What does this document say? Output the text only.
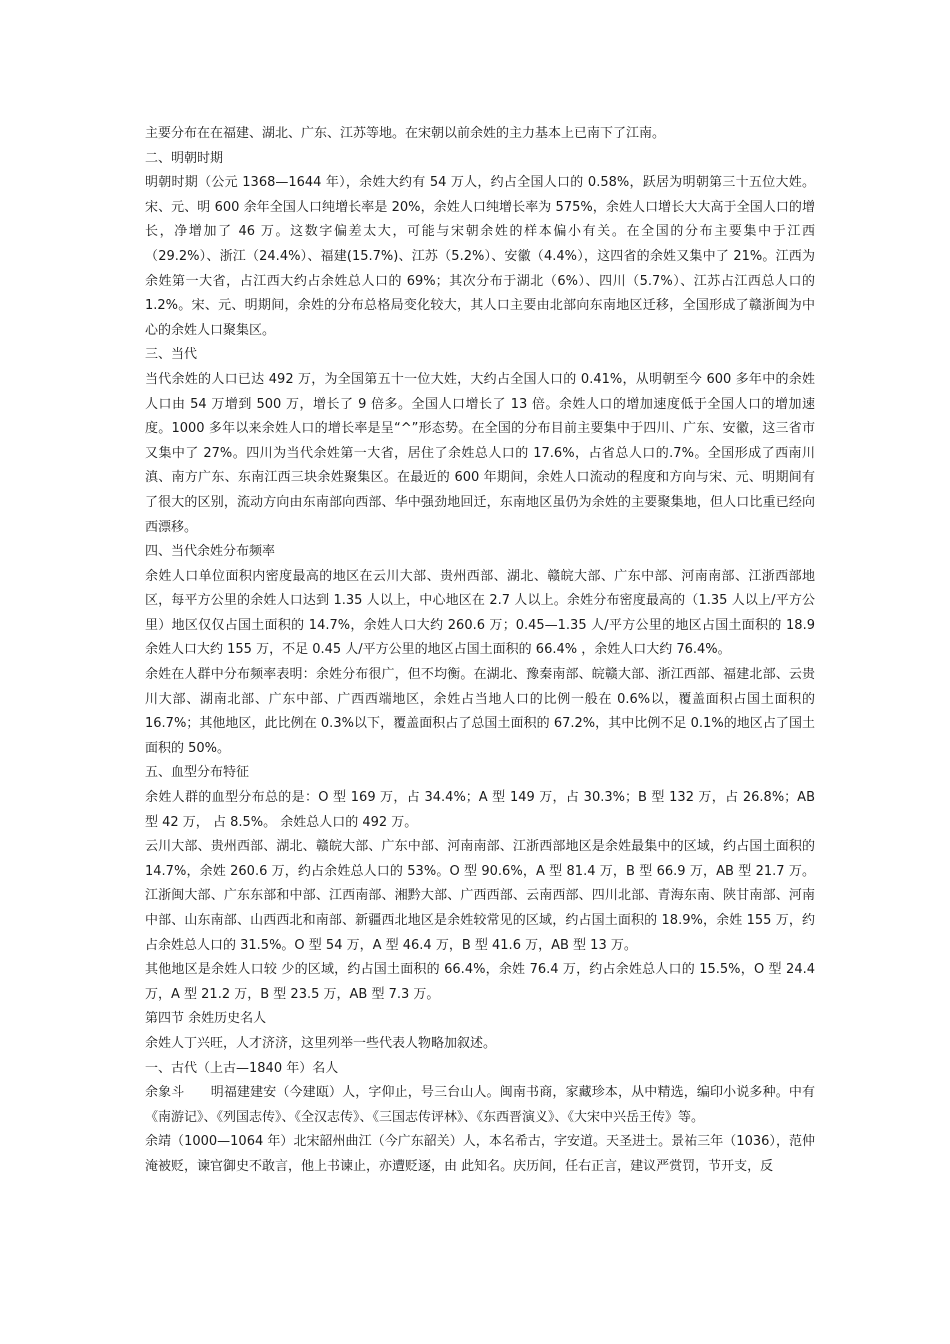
主要分布在在福建、湖北、广东、江苏等地。在宋朝以前余姓的主力基本上已南下了江南。

二、明朝时期

明朝时期（公元 1368—1644 年），余姓大约有 54 万人，约占全国人口的 0.58%，跃居为明朝第三十五位大姓。宋、元、明 600 余年全国人口纯增长率是 20%，余姓人口纯增长率为 575%，余姓人口增长大大高于全国人口的增长，净增加了 46 万。这数字偏差太大，可能与宋朝余姓的样本偏小有关。在全国的分布主要集中于江西（29.2%）、浙江（24.4%）、福建(15.7%)、江苏（5.2%）、安徽（4.4%），这四省的余姓又集中了 21%。江西为余姓第一大省，占江西大约占余姓总人口的 69%；其次分布于湖北（6%）、四川（5.7%）、江苏占江西总人口的 1.2%。宋、元、明期间，余姓的分布总格局变化较大，其人口主要由北部向东南地区迁移，全国形成了赣浙闽为中心的余姓人口聚集区。

三、当代

当代余姓的人口已达 492 万，为全国第五十一位大姓，大约占全国人口的 0.41%，从明朝至今 600 多年中的余姓人口由 54 万增到 500 万，增长了 9 倍多。全国人口增长了 13 倍。余姓人口的增加速度低于全国人口的增加速度。1000 多年以来余姓人口的增长率是呈“^”形态势。在全国的分布目前主要集中于四川、广东、安徽，这三省市又集中了 27%。四川为当代余姓第一大省，居住了余姓总人口的 17.6%，占省总人口的.7%。全国形成了西南川滇、南方广东、东南江西三块余姓聚集区。在最近的 600 年期间，余姓人口流动的程度和方向与宋、元、明期间有了很大的区别，流动方向由东南部向西部、华中强劲地回迁，东南地区虽仍为余姓的主要聚集地，但人口比重已经向西漂移。

四、当代余姓分布频率

余姓人口单位面积内密度最高的地区在云川大部、贵州西部、湖北、赣皖大部、广东中部、河南南部、江浙西部地区，每平方公里的余姓人口达到 1.35 人以上，中心地区在 2.7 人以上。余姓分布密度最高的（1.35 人以上/平方公里）地区仅仅占国土面积的 14.7%，余姓人口大约 260.6 万；0.45—1.35 人/平方公里的地区占国土面积的 18.9 余姓人口大约 155 万，不足 0.45 人/平方公里的地区占国土面积的 66.4% ，余姓人口大约 76.4%。

余姓在人群中分布频率表明：余姓分布很广，但不均衡。在湖北、豫秦南部、皖赣大部、浙江西部、福建北部、云贵川大部、湖南北部、广东中部、广西西端地区，余姓占当地人口的比例一般在 0.6%以，覆盖面积占国土面积的 16.7%；其他地区，此比例在 0.3%以下，覆盖面积占了总国土面积的 67.2%，其中比例不足 0.1%的地区占了国土面积的 50%。

五、血型分布特征

余姓人群的血型分布总的是：O 型 169 万，占 34.4%；A 型 149 万，占 30.3%；B 型 132 万，占 26.8%；AB 型 42 万， 占 8.5%。 余姓总人口的 492 万。

云川大部、贵州西部、湖北、赣皖大部、广东中部、河南南部、江浙西部地区是余姓最集中的区域，约占国土面积的 14.7%，余姓 260.6 万，约占余姓总人口的 53%。O 型 90.6%，A 型 81.4 万，B 型 66.9 万，AB 型 21.7 万。江浙闽大部、广东东部和中部、江西南部、湘黔大部、广西西部、云南西部、四川北部、青海东南、陕甘南部、河南中部、山东南部、山西西北和南部、新疆西北地区是余姓较常见的区域，约占国土面积的 18.9%，余姓 155 万，约占余姓总人口的 31.5%。O 型 54 万，A 型 46.4 万，B 型 41.6 万，AB 型 13 万。

其他地区是余姓人口较 少的区域，约占国土面积的 66.4%，余姓 76.4 万，约占余姓总人口的 15.5%，O 型 24.4 万，A 型 21.2 万，B 型 23.5 万，AB 型 7.3 万。

第四节 余姓历史名人

余姓人丁兴旺，人才济济，这里列举一些代表人物略加叙述。

一、古代（上古—1840 年）名人

余象斗　　明福建建安（今建瓯）人，字仰止，号三台山人。闽南书商，家藏珍本，从中精选，编印小说多种。中有《南游记》、《列国志传》、《全汉志传》、《三国志传评林》、《东西晋演义》、《大宋中兴岳王传》等。

余靖（1000—1064 年）北宋韶州曲江（今广东韶关）人，本名希古，字安道。天圣进士。景祐三年（1036），范仲淹被贬，谏官御史不敢言，他上书谏止，亦遭贬逐，由 此知名。庆历间，任右正言，建议严赏罚，节开支，反
